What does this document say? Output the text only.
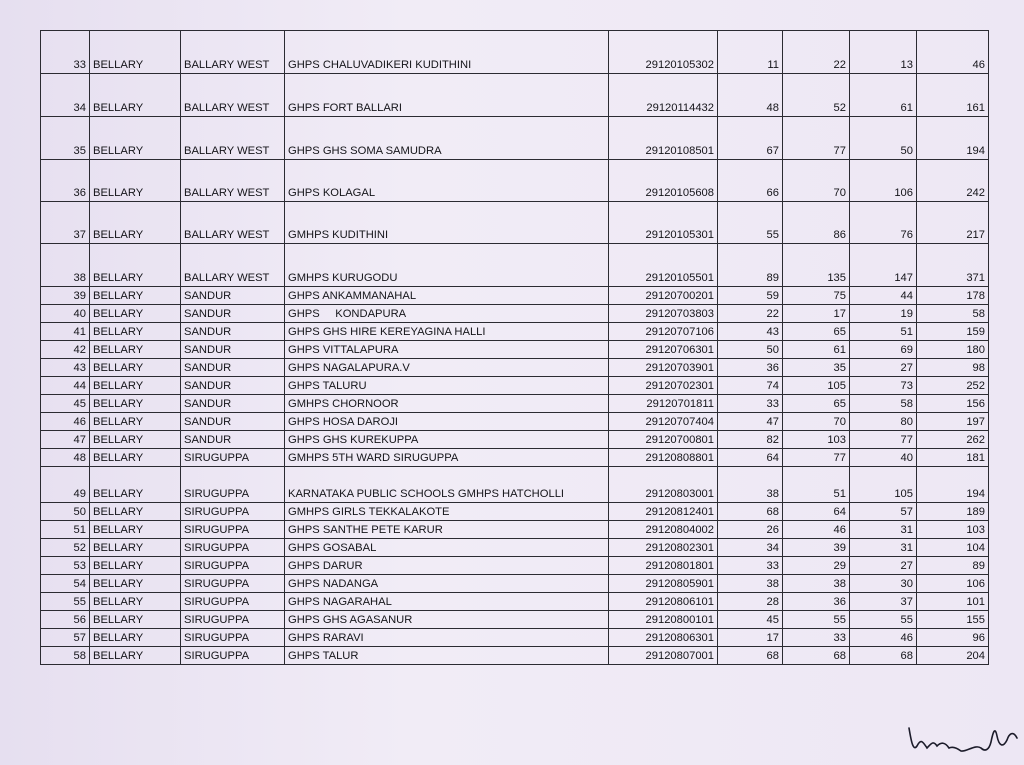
33	BELLARY	BALLARY WEST	GHPS CHALUVADIKERI KUDITHINI	29120105302	11	22	13	46
34	BELLARY	BALLARY WEST	GHPS FORT BALLARI	29120114432	48	52	61	161
35	BELLARY	BALLARY WEST	GHPS GHS SOMA SAMUDRA	29120108501	67	77	50	194
36	BELLARY	BALLARY WEST	GHPS KOLAGAL	29120105608	66	70	106	242
37	BELLARY	BALLARY WEST	GMHPS KUDITHINI	29120105301	55	86	76	217
38	BELLARY	BALLARY WEST	GMHPS KURUGODU	29120105501	89	135	147	371
39	BELLARY	SANDUR	GHPS ANKAMMANAHAL	29120700201	59	75	44	178
40	BELLARY	SANDUR	GHPS     KONDAPURA	29120703803	22	17	19	58
41	BELLARY	SANDUR	GHPS GHS HIRE KEREYAGINA HALLI	29120707106	43	65	51	159
42	BELLARY	SANDUR	GHPS VITTALAPURA	29120706301	50	61	69	180
43	BELLARY	SANDUR	GHPS NAGALAPURA.V	29120703901	36	35	27	98
44	BELLARY	SANDUR	GHPS TALURU	29120702301	74	105	73	252
45	BELLARY	SANDUR	GMHPS CHORNOOR	29120701811	33	65	58	156
46	BELLARY	SANDUR	GHPS HOSA DAROJI	29120707404	47	70	80	197
47	BELLARY	SANDUR	GHPS GHS KUREKUPPA	29120700801	82	103	77	262
48	BELLARY	SIRUGUPPA	GMHPS 5TH WARD SIRUGUPPA	29120808801	64	77	40	181
49	BELLARY	SIRUGUPPA	KARNATAKA PUBLIC SCHOOLS GMHPS HATCHOLLI	29120803001	38	51	105	194
50	BELLARY	SIRUGUPPA	GMHPS GIRLS TEKKALAKOTE	29120812401	68	64	57	189
51	BELLARY	SIRUGUPPA	GHPS SANTHE PETE KARUR	29120804002	26	46	31	103
52	BELLARY	SIRUGUPPA	GHPS GOSABAL	29120802301	34	39	31	104
53	BELLARY	SIRUGUPPA	GHPS DARUR	29120801801	33	29	27	89
54	BELLARY	SIRUGUPPA	GHPS NADANGA	29120805901	38	38	30	106
55	BELLARY	SIRUGUPPA	GHPS NAGARAHAL	29120806101	28	36	37	101
56	BELLARY	SIRUGUPPA	GHPS GHS AGASANUR	29120800101	45	55	55	155
57	BELLARY	SIRUGUPPA	GHPS RARAVI	29120806301	17	33	46	96
58	BELLARY	SIRUGUPPA	GHPS TALUR	29120807001	68	68	68	204
